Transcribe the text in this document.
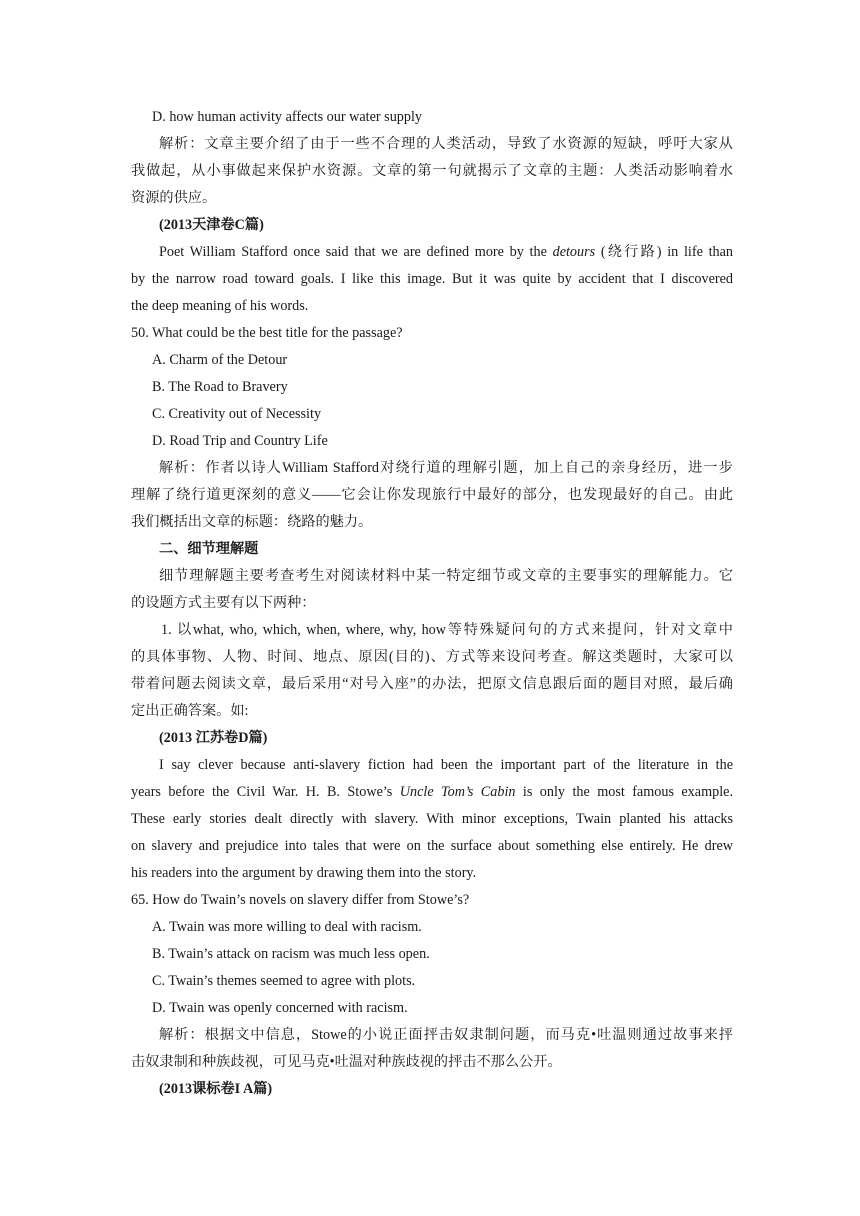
D. how human activity affects our water supply
解析：文章主要介绍了由于一些不合理的人类活动，导致了水资源的短缺，呼吁大家从
我做起，从小事做起来保护水资源。文章的第一句就揭示了文章的主题：人类活动影响着水
资源的供应。
(2013天津卷C篇)
Poet William Stafford once said that we are defined more by the detours (绕行路) in life than
by the narrow road toward goals. I like this image. But it was quite by accident that I discovered
the deep meaning of his words.
50. What could be the best title for the passage?
A. Charm of the Detour
B. The Road to Bravery
C. Creativity out of Necessity
D. Road Trip and Country Life
解析：作者以诗人William Stafford对绕行道的理解引题，加上自己的亲身经历，进一步
理解了绕行道更深刻的意义——它会让你发现旅行中最好的部分，也发现最好的自己。由此
我们概括出文章的标题：绕路的魅力。
二、细节理解题
细节理解题主要考查考生对阅读材料中某一特定细节或文章的主要事实的理解能力。它
的设题方式主要有以下两种：
1. 以what, who, which, when, where, why, how等特殊疑问句的方式来提问，针对文章中
的具体事物、人物、时间、地点、原因(目的)、方式等来设问考查。解这类题时，大家可以
带着问题去阅读文章，最后采用“对号入座”的办法，把原文信息跟后面的题目对照，最后确
定出正确答案。如:
(2013 江苏卷D篇)
I say clever because anti-slavery fiction had been the important part of the literature in the
years before the Civil War. H. B. Stowe’s Uncle Tom’s Cabin is only the most famous example.
These early stories dealt directly with slavery. With minor exceptions, Twain planted his attacks
on slavery and prejudice into tales that were on the surface about something else entirely. He drew
his readers into the argument by drawing them into the story.
65. How do Twain’s novels on slavery differ from Stowe’s?
A. Twain was more willing to deal with racism.
B. Twain’s attack on racism was much less open.
C. Twain’s themes seemed to agree with plots.
D. Twain was openly concerned with racism.
解析：根据文中信息，Stowe的小说正面抨击奴隶制问题，而马克•吐温则通过故事来抨
击奴隶制和种族歧视，可见马克•吐温对种族歧视的抨击不那么公开。
(2013课标卷I A篇)
